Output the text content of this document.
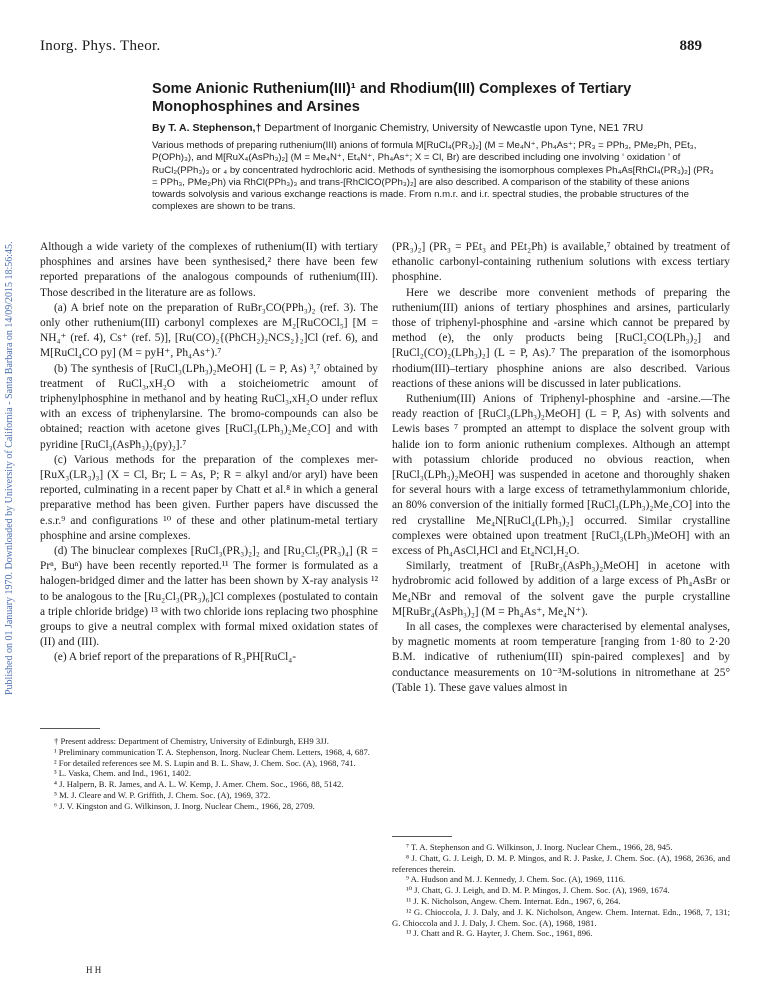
Inorg. Phys. Theor.	889
Published on 01 January 1970. Downloaded by University of California - Santa Barbara on 14/09/2015 18:56:45.
Some Anionic Ruthenium(III)¹ and Rhodium(III) Complexes of Tertiary Monophosphines and Arsines
By T. A. Stephenson,† Department of Inorganic Chemistry, University of Newcastle upon Tyne, NE1 7RU

Various methods of preparing ruthenium(III) anions of formula M[RuCl₄(PR₃)₂] (M = Me₄N⁺, Ph₄As⁺; PR₃ = PPh₃, PMe₂Ph, PEt₃, P(OPh)₃), and M[RuX₄(AsPh₃)₂] (M = Me₄N⁺, Et₄N⁺, Ph₄As⁺; X = Cl, Br) are described including one involving ‘ oxidation ’ of RuCl₂(PPh₃)₃ or ₄ by concentrated hydrochloric acid. Methods of synthesising the isomorphous complexes Ph₄As[RhCl₄(PR₃)₂] (PR₃ = PPh₃, PMe₂Ph) via RhCl(PPh₃)₃ and trans-[RhClCO(PPh₃)₂] are also described. A comparison of the stability of these anions towards solvolysis and various exchange reactions is made. From n.m.r. and i.r. spectral studies, the probable structures of the complexes are shown to be trans.

Although a wide variety of the complexes of ruthenium(II) with tertiary phosphines and arsines have been synthesised,² there have been few reported preparations of the analogous compounds of ruthenium(III). Those described in the literature are as follows.

(a) A brief note on the preparation of RuBr₃CO(PPh₃)₂ (ref. 3). The only other ruthenium(III) carbonyl complexes are M₂[RuCOCl₅] [M = NH₄⁺ (ref. 4), Cs⁺ (ref. 5)], [Ru(CO)₂{(PhCH₂)₂NCS₂}₂]Cl (ref. 6), and M[RuCl₄CO py] (M = pyH⁺, Ph₄As⁺).⁷

(b) The synthesis of [RuCl₃(LPh₃)₂MeOH] (L = P, As) ³,⁷ obtained by treatment of RuCl₃,xH₂O with a stoicheiometric amount of triphenylphosphine in methanol and by heating RuCl₃,xH₂O under reflux with an excess of triphenylarsine. The bromo-compounds can also be obtained; reaction with acetone gives [RuCl₃(LPh₃)₂Me₂CO] and with pyridine [RuCl₃(AsPh₃)₂(py)₂].⁷

(c) Various methods for the preparation of the complexes mer-[RuX₃(LR₃)₃] (X = Cl, Br; L = As, P; R = alkyl and/or aryl) have been reported, culminating in a recent paper by Chatt et al.⁸ in which a general preparative method has been given. Further papers have discussed the e.s.r.⁹ and configurations ¹⁰ of these and other platinum-metal tertiary phosphine and arsine complexes.

(d) The binuclear complexes [RuCl₃(PR₃)₂]₂ and [Ru₂Cl₅(PR₃)₄] (R = Prⁿ, Buⁿ) have been recently reported.¹¹ The former is formulated as a halogen-bridged dimer and the latter has been shown by X-ray analysis ¹² to be analogous to the [Ru₂Cl₃(PR₃)₆]Cl complexes (postulated to contain a triple chloride bridge) ¹³ with two chloride ions replacing two phosphine groups to give a neutral complex with formal mixed oxidation states of (II) and (III).

(e) A brief report of the preparations of R₃PH[RuCl₄-

(PR₃)₂] (PR₃ = PEt₃ and PEt₂Ph) is available,⁷ obtained by treatment of ethanolic carbonyl-containing ruthenium solutions with excess tertiary phosphine.

Here we describe more convenient methods of preparing the ruthenium(III) anions of tertiary phosphines and arsines, particularly those of triphenyl-phosphine and -arsine which cannot be prepared by method (e), the only products being [RuCl₂CO(LPh₃)₂] and [RuCl₂(CO)₂(LPh₃)₂] (L = P, As).⁷ The preparation of the isomorphous rhodium(III)–tertiary phosphine anions are also described. Various reactions of these anions will be discussed in later publications.

Ruthenium(III) Anions of Triphenyl-phosphine and -arsine.—The ready reaction of [RuCl₃(LPh₃)₂MeOH] (L = P, As) with solvents and Lewis bases ⁷ prompted an attempt to displace the solvent group with halide ion to form anionic ruthenium complexes. Although an attempt with potassium chloride produced no obvious reaction, when [RuCl₃(LPh₃)₂MeOH] was suspended in acetone and thoroughly shaken for several hours with a large excess of tetramethylammonium chloride, an 80% conversion of the initially formed [RuCl₃(LPh₃)₂Me₂CO] into the red crystalline Me₄N[RuCl₄(LPh₃)₂] occurred. Similar crystalline complexes were obtained upon treatment [RuCl₃(LPh₃)MeOH] with an excess of Ph₄AsCl,HCl and Et₄NCl,H₂O.

Similarly, treatment of [RuBr₃(AsPh₃)₂MeOH] in acetone with hydrobromic acid followed by addition of a large excess of Ph₄AsBr or Me₄NBr and removal of the solvent gave the purple crystalline M[RuBr₄(AsPh₃)₂] (M = Ph₄As⁺, Me₄N⁺).

In all cases, the complexes were characterised by elemental analyses, by magnetic moments at room temperature [ranging from 1·80 to 2·20 B.M. indicative of ruthenium(III) spin-paired complexes] and by conductance measurements on 10⁻³M-solutions in nitromethane at 25° (Table 1). These gave values almost in

† Present address: Department of Chemistry, University of Edinburgh, EH9 3JJ.

¹ Preliminary communication T. A. Stephenson, Inorg. Nuclear Chem. Letters, 1968, 4, 687.

² For detailed references see M. S. Lupin and B. L. Shaw, J. Chem. Soc. (A), 1968, 741.

³ L. Vaska, Chem. and Ind., 1961, 1402.

⁴ J. Halpern, B. R. James, and A. L. W. Kemp, J. Amer. Chem. Soc., 1966, 88, 5142.

⁵ M. J. Cleare and W. P. Griffith, J. Chem. Soc. (A), 1969, 372.

⁶ J. V. Kingston and G. Wilkinson, J. Inorg. Nuclear Chem., 1966, 28, 2709.

⁷ T. A. Stephenson and G. Wilkinson, J. Inorg. Nuclear Chem., 1966, 28, 945.

⁸ J. Chatt, G. J. Leigh, D. M. P. Mingos, and R. J. Paske, J. Chem. Soc. (A), 1968, 2636, and references therein.

⁹ A. Hudson and M. J. Kennedy, J. Chem. Soc. (A), 1969, 1116.

¹⁰ J. Chatt, G. J. Leigh, and D. M. P. Mingos, J. Chem. Soc. (A), 1969, 1674.

¹¹ J. K. Nicholson, Angew. Chem. Internat. Edn., 1967, 6, 264.

¹² G. Chioccola, J. J. Daly, and J. K. Nicholson, Angew. Chem. Internat. Edn., 1968, 7, 131; G. Chioccola and J. J. Daly, J. Chem. Soc. (A), 1968, 1981.

¹³ J. Chatt and R. G. Hayter, J. Chem. Soc., 1961, 896.

H H
